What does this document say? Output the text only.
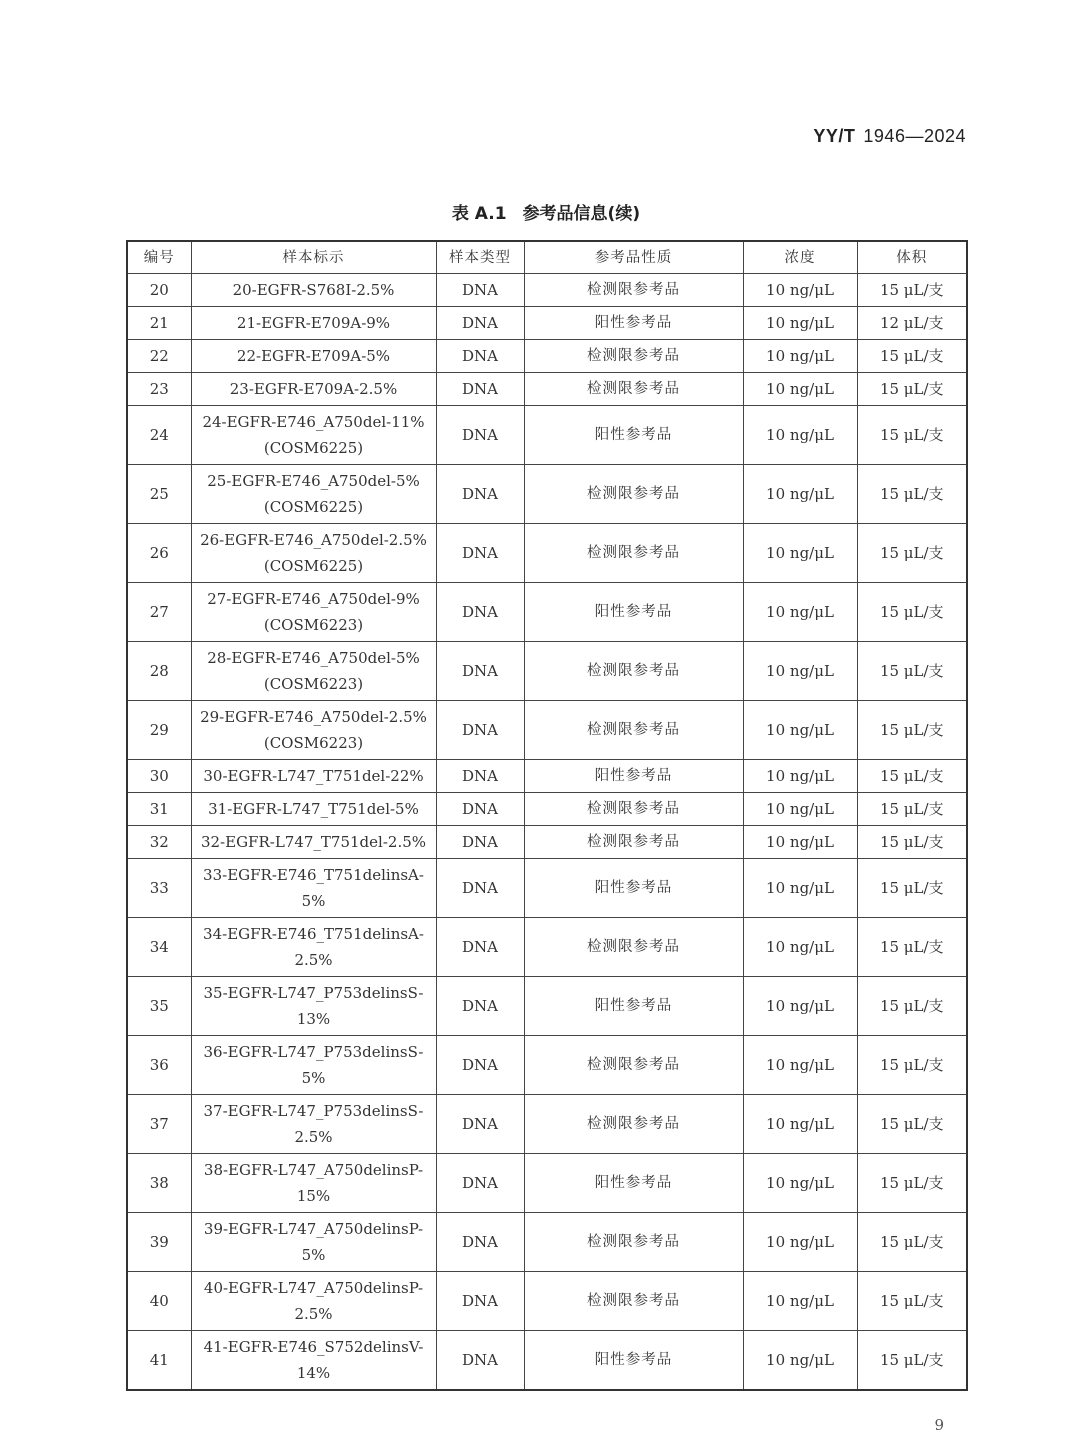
YY/T 1946—2024
表 A.1 参考品信息(续)
编号	样本标示	样本类型	参考品性质	浓度	体积
20	20-EGFR-S768I-2.5%	DNA	检测限参考品	10 ng/μL	15 μL/支
21	21-EGFR-E709A-9%	DNA	阳性参考品	10 ng/μL	12 μL/支
22	22-EGFR-E709A-5%	DNA	检测限参考品	10 ng/μL	15 μL/支
23	23-EGFR-E709A-2.5%	DNA	检测限参考品	10 ng/μL	15 μL/支
24	24-EGFR-E746_A750del-11%
(COSM6225)	DNA	阳性参考品	10 ng/μL	15 μL/支
25	25-EGFR-E746_A750del-5%
(COSM6225)	DNA	检测限参考品	10 ng/μL	15 μL/支
26	26-EGFR-E746_A750del-2.5%
(COSM6225)	DNA	检测限参考品	10 ng/μL	15 μL/支
27	27-EGFR-E746_A750del-9%
(COSM6223)	DNA	阳性参考品	10 ng/μL	15 μL/支
28	28-EGFR-E746_A750del-5%
(COSM6223)	DNA	检测限参考品	10 ng/μL	15 μL/支
29	29-EGFR-E746_A750del-2.5%
(COSM6223)	DNA	检测限参考品	10 ng/μL	15 μL/支
30	30-EGFR-L747_T751del-22%	DNA	阳性参考品	10 ng/μL	15 μL/支
31	31-EGFR-L747_T751del-5%	DNA	检测限参考品	10 ng/μL	15 μL/支
32	32-EGFR-L747_T751del-2.5%	DNA	检测限参考品	10 ng/μL	15 μL/支
33	33-EGFR-E746_T751delinsA-
5%	DNA	阳性参考品	10 ng/μL	15 μL/支
34	34-EGFR-E746_T751delinsA-
2.5%	DNA	检测限参考品	10 ng/μL	15 μL/支
35	35-EGFR-L747_P753delinsS-
13%	DNA	阳性参考品	10 ng/μL	15 μL/支
36	36-EGFR-L747_P753delinsS-
5%	DNA	检测限参考品	10 ng/μL	15 μL/支
37	37-EGFR-L747_P753delinsS-
2.5%	DNA	检测限参考品	10 ng/μL	15 μL/支
38	38-EGFR-L747_A750delinsP-
15%	DNA	阳性参考品	10 ng/μL	15 μL/支
39	39-EGFR-L747_A750delinsP-
5%	DNA	检测限参考品	10 ng/μL	15 μL/支
40	40-EGFR-L747_A750delinsP-
2.5%	DNA	检测限参考品	10 ng/μL	15 μL/支
41	41-EGFR-E746_S752delinsV-
14%	DNA	阳性参考品	10 ng/μL	15 μL/支
9
